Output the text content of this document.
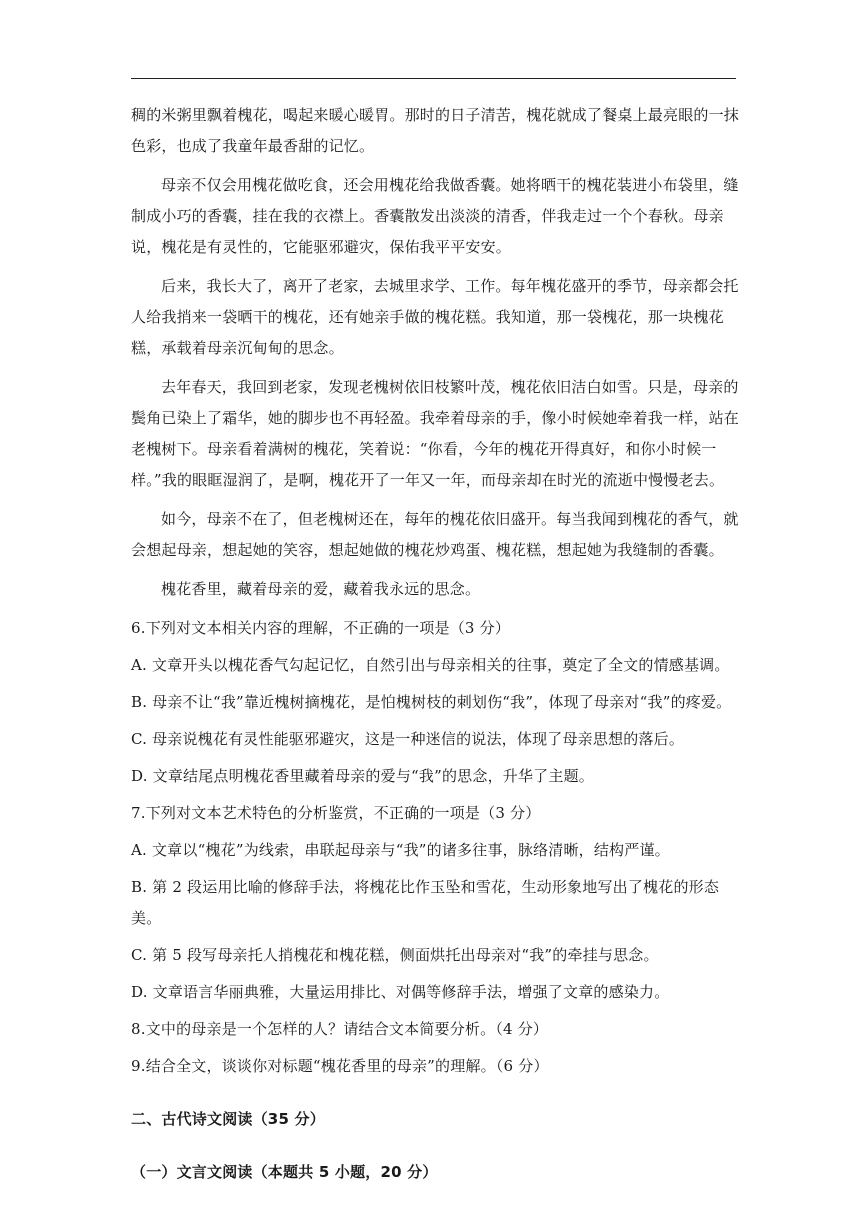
稠的米粥里飘着槐花，喝起来暖心暖胃。那时的日子清苦，槐花就成了餐桌上最亮眼的一抹色彩，也成了我童年最香甜的记忆。

母亲不仅会用槐花做吃食，还会用槐花给我做香囊。她将晒干的槐花装进小布袋里，缝制成小巧的香囊，挂在我的衣襟上。香囊散发出淡淡的清香，伴我走过一个个春秋。母亲说，槐花是有灵性的，它能驱邪避灾，保佑我平平安安。

后来，我长大了，离开了老家，去城里求学、工作。每年槐花盛开的季节，母亲都会托人给我捎来一袋晒干的槐花，还有她亲手做的槐花糕。我知道，那一袋槐花，那一块槐花糕，承载着母亲沉甸甸的思念。

去年春天，我回到老家，发现老槐树依旧枝繁叶茂，槐花依旧洁白如雪。只是，母亲的鬓角已染上了霜华，她的脚步也不再轻盈。我牵着母亲的手，像小时候她牵着我一样，站在老槐树下。母亲看着满树的槐花，笑着说：“你看，今年的槐花开得真好，和你小时候一样。”我的眼眶湿润了，是啊，槐花开了一年又一年，而母亲却在时光的流逝中慢慢老去。

如今，母亲不在了，但老槐树还在，每年的槐花依旧盛开。每当我闻到槐花的香气，就会想起母亲，想起她的笑容，想起她做的槐花炒鸡蛋、槐花糕，想起她为我缝制的香囊。

槐花香里，藏着母亲的爱，藏着我永远的思念。

6.下列对文本相关内容的理解，不正确的一项是（3 分）

A. 文章开头以槐花香气勾起记忆，自然引出与母亲相关的往事，奠定了全文的情感基调。

B. 母亲不让“我”靠近槐树摘槐花，是怕槐树枝的刺划伤“我”，体现了母亲对“我”的疼爱。

C. 母亲说槐花有灵性能驱邪避灾，这是一种迷信的说法，体现了母亲思想的落后。

D. 文章结尾点明槐花香里藏着母亲的爱与“我”的思念，升华了主题。

7.下列对文本艺术特色的分析鉴赏，不正确的一项是（3 分）

A. 文章以“槐花”为线索，串联起母亲与“我”的诸多往事，脉络清晰，结构严谨。

B. 第 2 段运用比喻的修辞手法，将槐花比作玉坠和雪花，生动形象地写出了槐花的形态美。

C. 第 5 段写母亲托人捎槐花和槐花糕，侧面烘托出母亲对“我”的牵挂与思念。

D. 文章语言华丽典雅，大量运用排比、对偶等修辞手法，增强了文章的感染力。

8.文中的母亲是一个怎样的人？请结合文本简要分析。（4 分）

9.结合全文，谈谈你对标题“槐花香里的母亲”的理解。（6 分）

二、古代诗文阅读（35 分）

（一）文言文阅读（本题共 5 小题，20 分）
